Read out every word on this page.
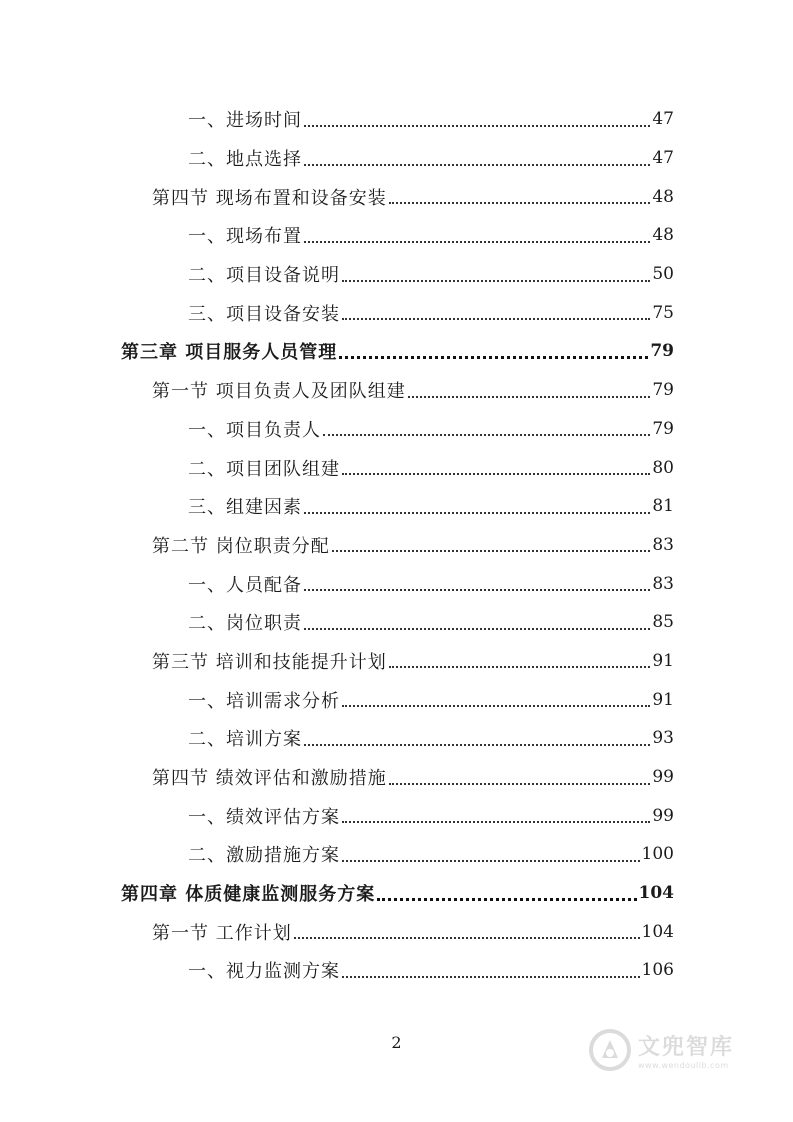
一、进场时间	47
二、地点选择	47
第四节 现场布置和设备安装	48
一、现场布置	48
二、项目设备说明	50
三、项目设备安装	75
第三章 项目服务人员管理	79
第一节 项目负责人及团队组建	79
一、项目负责人	79
二、项目团队组建	80
三、组建因素	81
第二节 岗位职责分配	83
一、人员配备	83
二、岗位职责	85
第三节 培训和技能提升计划	91
一、培训需求分析	91
二、培训方案	93
第四节 绩效评估和激励措施	99
一、绩效评估方案	99
二、激励措施方案	100
第四章 体质健康监测服务方案	104
第一节 工作计划	104
一、视力监测方案	106
2	文兜智库
www.wendoulib.com
